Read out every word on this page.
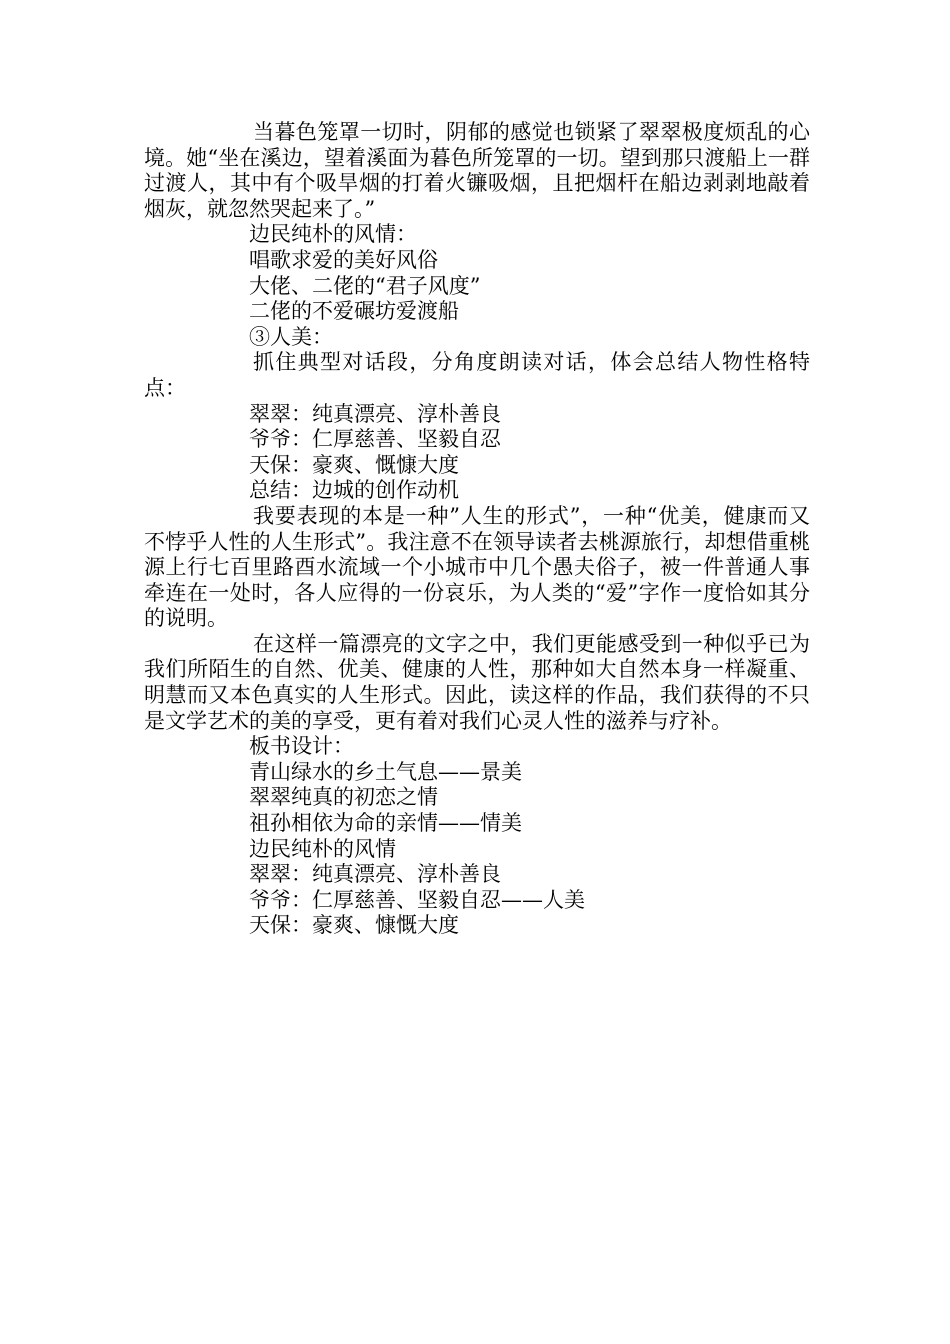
当暮色笼罩一切时，阴郁的感觉也锁紧了翠翠极度烦乱的心境。她“坐在溪边，望着溪面为暮色所笼罩的一切。望到那只渡船上一群过渡人，其中有个吸旱烟的打着火镰吸烟，且把烟杆在船边剥剥地敲着烟灰，就忽然哭起来了。”

边民纯朴的风情：

唱歌求爱的美好风俗

大佬、二佬的“君子风度”

二佬的不爱碾坊爱渡船

③人美：

抓住典型对话段，分角度朗读对话，体会总结人物性格特点：

翠翠：纯真漂亮、淳朴善良

爷爷：仁厚慈善、坚毅自忍

天保：豪爽、慨慷大度

总结：边城的创作动机

我要表现的本是一种”人生的形式”，一种“优美，健康而又不悖乎人性的人生形式”。我注意不在领导读者去桃源旅行，却想借重桃源上行七百里路酉水流域一个小城市中几个愚夫俗子，被一件普通人事牵连在一处时，各人应得的一份哀乐，为人类的“爱”字作一度恰如其分的说明。

在这样一篇漂亮的文字之中，我们更能感受到一种似乎已为我们所陌生的自然、优美、健康的人性，那种如大自然本身一样凝重、明慧而又本色真实的人生形式。因此，读这样的作品，我们获得的不只是文学艺术的美的享受，更有着对我们心灵人性的滋养与疗补。

板书设计：

青山绿水的乡土气息——景美

翠翠纯真的初恋之情

祖孙相依为命的亲情——情美

边民纯朴的风情

翠翠：纯真漂亮、淳朴善良

爷爷：仁厚慈善、坚毅自忍——人美

天保：豪爽、慷慨大度
